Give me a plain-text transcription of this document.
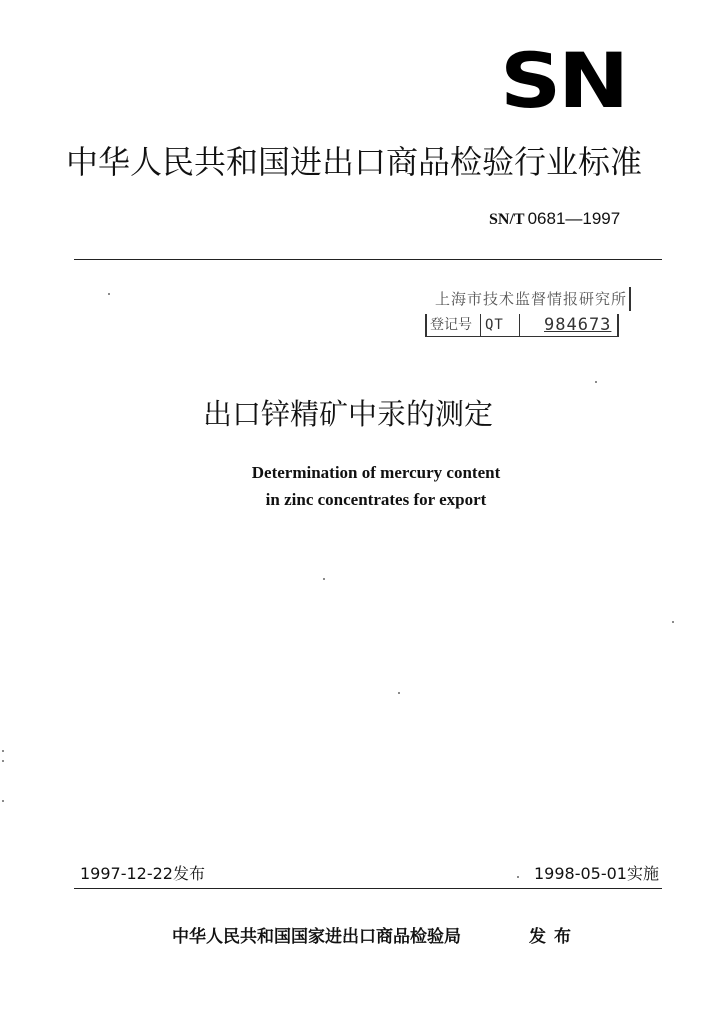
SN
中华人民共和国进出口商品检验行业标准
SN/T 0681—1997
上海市技术监督情报研究所
登记号 QT 984673
出口锌精矿中汞的测定
Determination of mercury content
in zinc concentrates for export
1997-12-22发布	1998-05-01实施
中华人民共和国国家进出口商品检验局	发布
